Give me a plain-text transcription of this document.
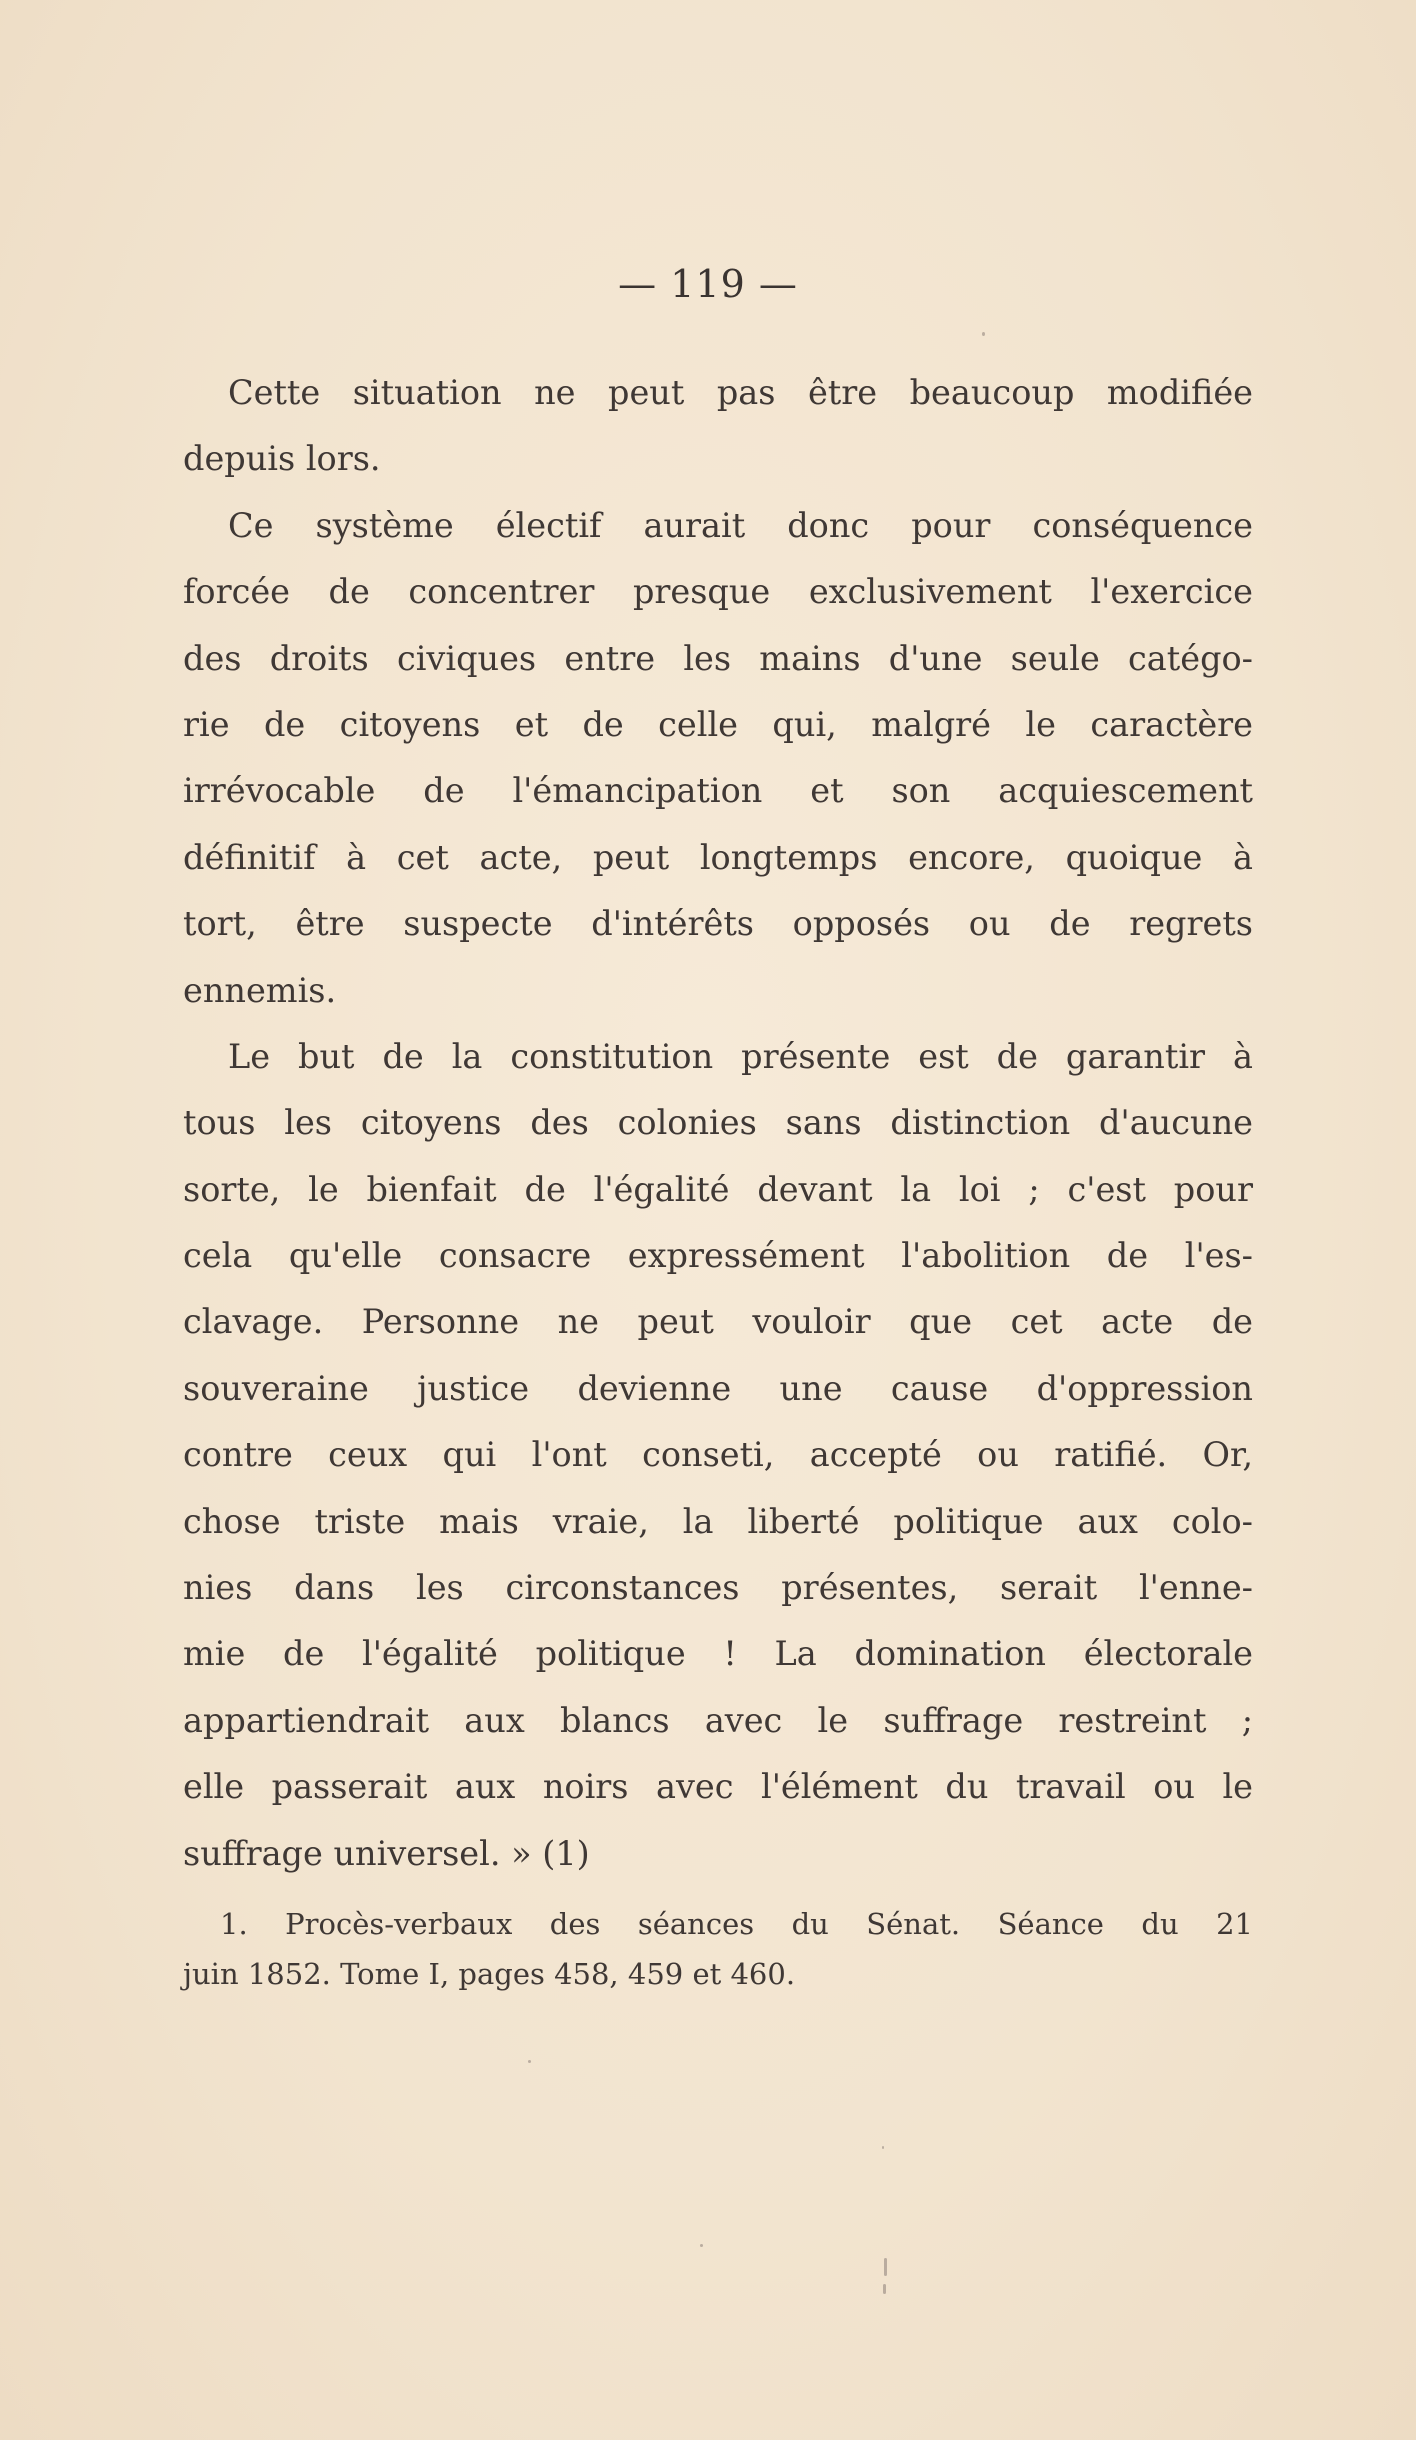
— 119 —
Cette situation ne peut pas être beaucoup modifiée
depuis lors.
Ce système électif aurait donc pour conséquence
forcée de concentrer presque exclusivement l'exercice
des droits civiques entre les mains d'une seule catégo-
rie de citoyens et de celle qui, malgré le caractère
irrévocable de l'émancipation et son acquiescement
définitif à cet acte, peut longtemps encore, quoique à
tort, être suspecte d'intérêts opposés ou de regrets
ennemis.
Le but de la constitution présente est de garantir à
tous les citoyens des colonies sans distinction d'aucune
sorte, le bienfait de l'égalité devant la loi ; c'est pour
cela qu'elle consacre expressément l'abolition de l'es-
clavage. Personne ne peut vouloir que cet acte de
souveraine justice devienne une cause d'oppression
contre ceux qui l'ont conseti, accepté ou ratifié. Or,
chose triste mais vraie, la liberté politique aux colo-
nies dans les circonstances présentes, serait l'enne-
mie de l'égalité politique ! La domination électorale
appartiendrait aux blancs avec le suffrage restreint ;
elle passerait aux noirs avec l'élément du travail ou le
suffrage universel. » (1)
1. Procès-verbaux des séances du Sénat. Séance du 21
juin 1852. Tome I, pages 458, 459 et 460.
